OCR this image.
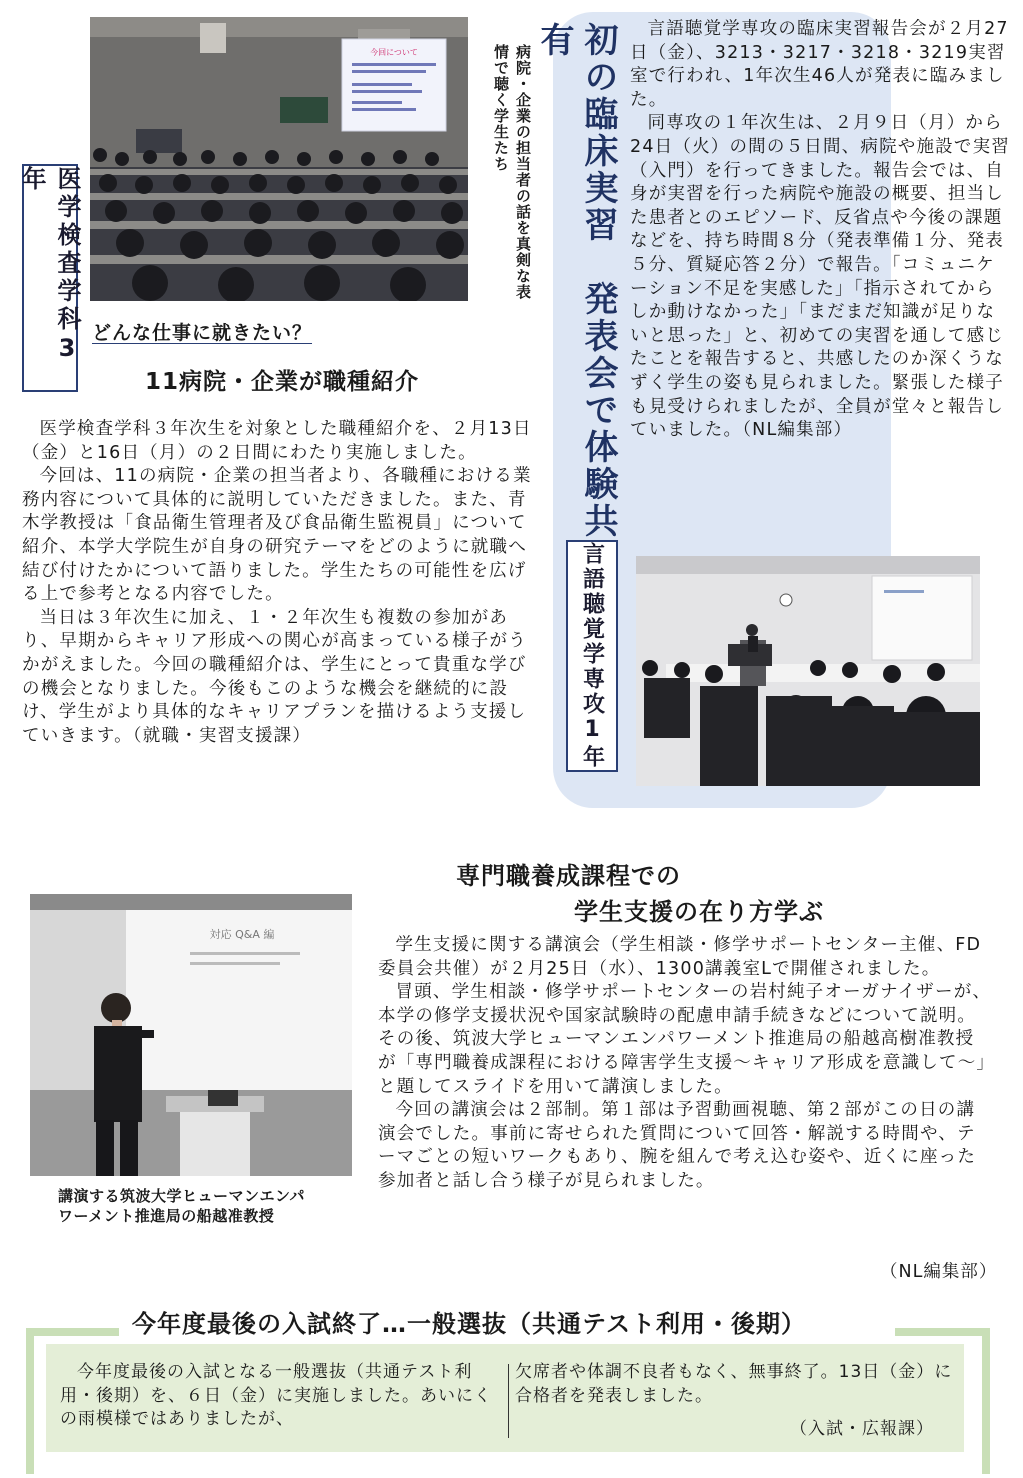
医学検査学科3年
今回について	病院・企業の担当者の話を真剣な表情で聴く学生たち
どんな仕事に就きたい？
11病院・企業が職種紹介

医学検査学科３年次生を対象とした職種紹介を、２月13日（金）と16日（月）の２日間にわたり実施しました。

今回は、11の病院・企業の担当者より、各職種における業務内容について具体的に説明していただきました。また、青木学教授は「食品衛生管理者及び食品衛生監視員」について紹介、本学大学院生が自身の研究テーマをどのように就職へ結び付けたかについて語りました。学生たちの可能性を広げる上で参考となる内容でした。

当日は３年次生に加え、１・２年次生も複数の参加があり、早期からキャリア形成への関心が高まっている様子がうかがえました。今回の職種紹介は、学生にとって貴重な学びの機会となりました。今後もこのような機会を継続的に設け、学生がより具体的なキャリアプランを描けるよう支援していきます。（就職・実習支援課）

初の臨床実習　発表会で体験共有
言語聴覚学専攻1年

言語聴覚学専攻の臨床実習報告会が２月27日（金）、3213・3217・3218・3219実習室で行われ、1年次生46人が発表に臨みました。

同専攻の１年次生は、２月９日（月）から24日（火）の間の５日間、病院や施設で実習（入門）を行ってきました。報告会では、自身が実習を行った病院や施設の概要、担当した患者とのエピソード、反省点や今後の課題などを、持ち時間８分（発表準備１分、発表５分、質疑応答２分）で報告。「コミュニケーション不足を実感した」「指示されてからしか動けなかった」「まだまだ知識が足りないと思った」と、初めての実習を通して感じたことを報告すると、共感したのか深くうなずく学生の姿も見られました。緊張した様子も見受けられましたが、全員が堂々と報告していました。（NL編集部）

対応 Q&A 編
講演する筑波大学ヒューマンエンパワーメント推進局の船越准教授
専門職養成課程での
学生支援の在り方学ぶ

学生支援に関する講演会（学生相談・修学サポートセンター主催、FD委員会共催）が２月25日（水）、1300講義室Lで開催されました。

冒頭、学生相談・修学サポートセンターの岩村純子オーガナイザーが、本学の修学支援状況や国家試験時の配慮申請手続きなどについて説明。その後、筑波大学ヒューマンエンパワーメント推進局の船越高樹准教授が「専門職養成課程における障害学生支援～キャリア形成を意識して～」と題してスライドを用いて講演しました。

今回の講演会は２部制。第１部は予習動画視聴、第２部がこの日の講演会でした。事前に寄せられた質問について回答・解説する時間や、テーマごとの短いワークもあり、腕を組んで考え込む姿や、近くに座った参加者と話し合う様子が見られました。

（NL編集部）
今年度最後の入試終了…一般選抜（共通テスト利用・後期）

今年度最後の入試となる一般選抜（共通テスト利用・後期）を、６日（金）に実施しました。あいにくの雨模様ではありましたが、

欠席者や体調不良者もなく、無事終了。13日（金）に合格者を発表しました。

（入試・広報課）
